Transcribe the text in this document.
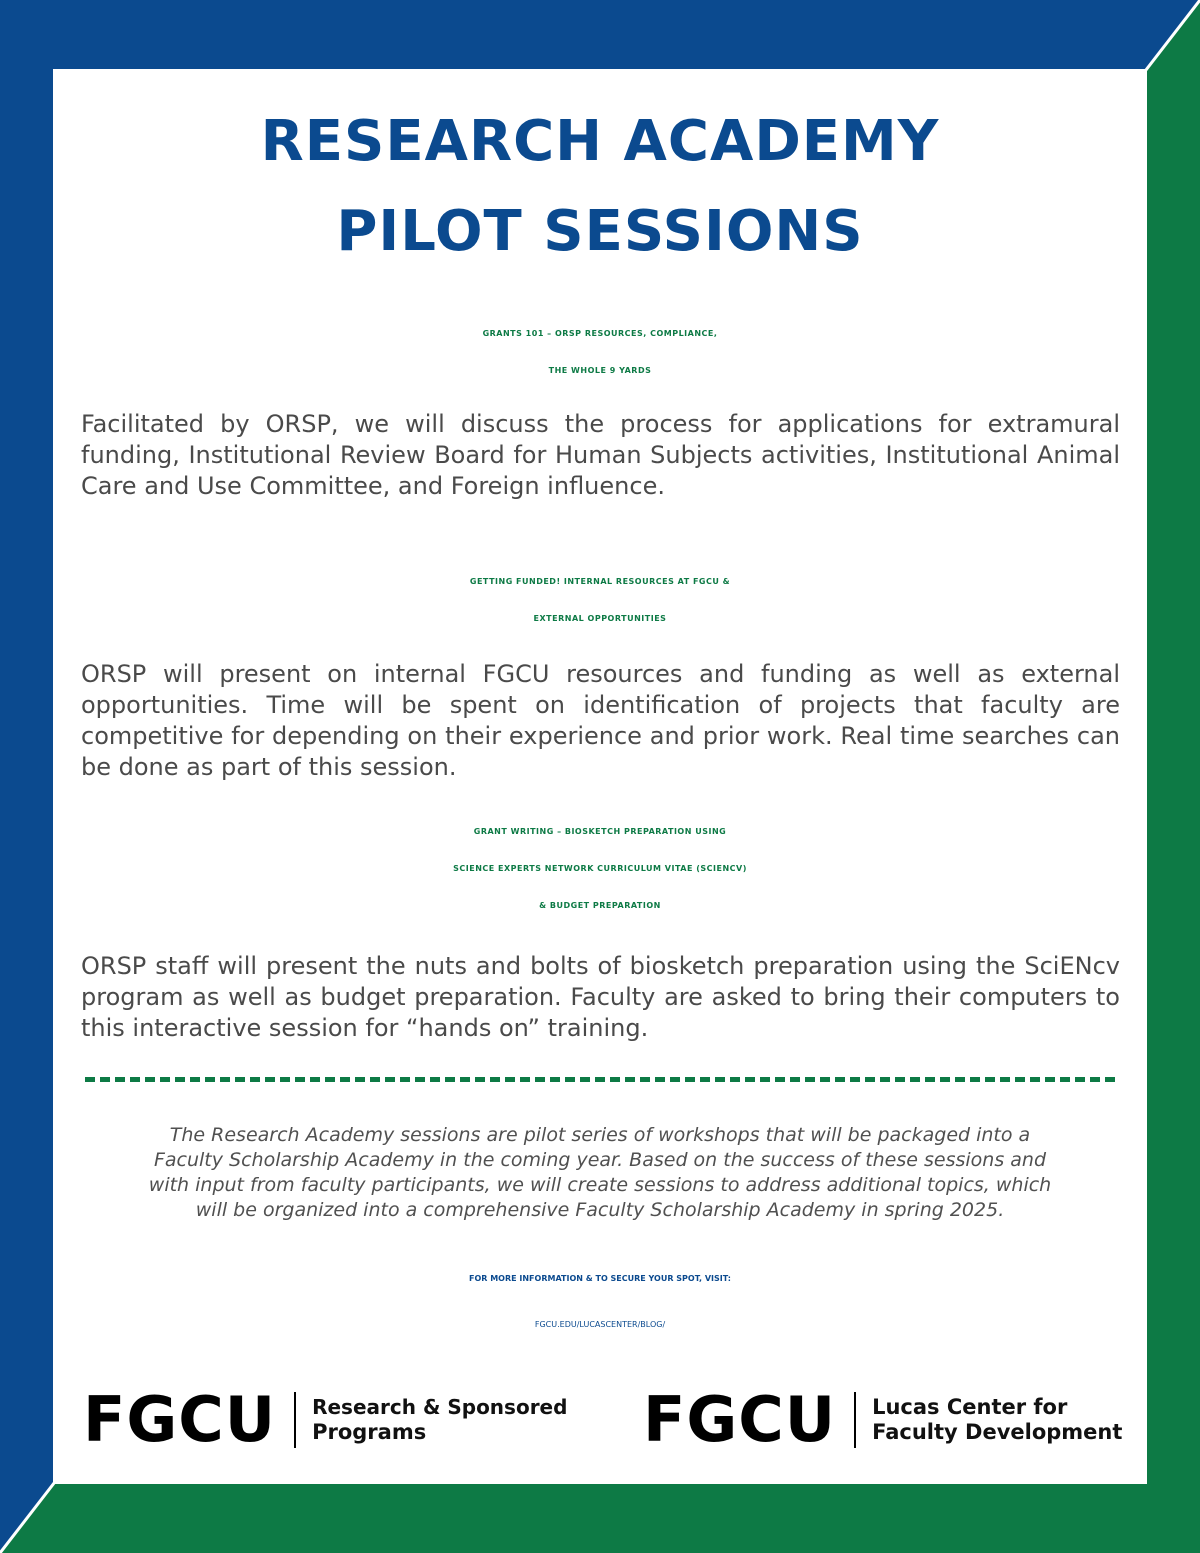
RESEARCH ACADEMY
PILOT SESSIONS
GRANTS 101 – ORSP RESOURCES, COMPLIANCE,
THE WHOLE 9 YARDS
Facilitated by ORSP, we will discuss the process for applications for extramural funding, Institutional Review Board for Human Subjects activities, Institutional Animal Care and Use Committee, and Foreign influence.
GETTING FUNDED! INTERNAL RESOURCES AT FGCU &
EXTERNAL OPPORTUNITIES
ORSP will present on internal FGCU resources and funding as well as external opportunities. Time will be spent on identification of projects that faculty are competitive for depending on their experience and prior work. Real time searches can be done as part of this session.
GRANT WRITING – BIOSKETCH PREPARATION USING
SCIENCE EXPERTS NETWORK CURRICULUM VITAE (SCIENCV)
& BUDGET PREPARATION
ORSP staff will present the nuts and bolts of biosketch preparation using the SciENcv program as well as budget preparation. Faculty are asked to bring their computers to this interactive session for “hands on” training.
The Research Academy sessions are pilot series of workshops that will be packaged into a
Faculty Scholarship Academy in the coming year. Based on the success of these sessions and
with input from faculty participants, we will create sessions to address additional topics, which
will be organized into a comprehensive Faculty Scholarship Academy in spring 2025.
FOR MORE INFORMATION & TO SECURE YOUR SPOT, VISIT:
FGCU.EDU/LUCASCENTER/BLOG/
FGCU Research & Sponsored
Programs	FGCU Lucas Center for
Faculty Development
